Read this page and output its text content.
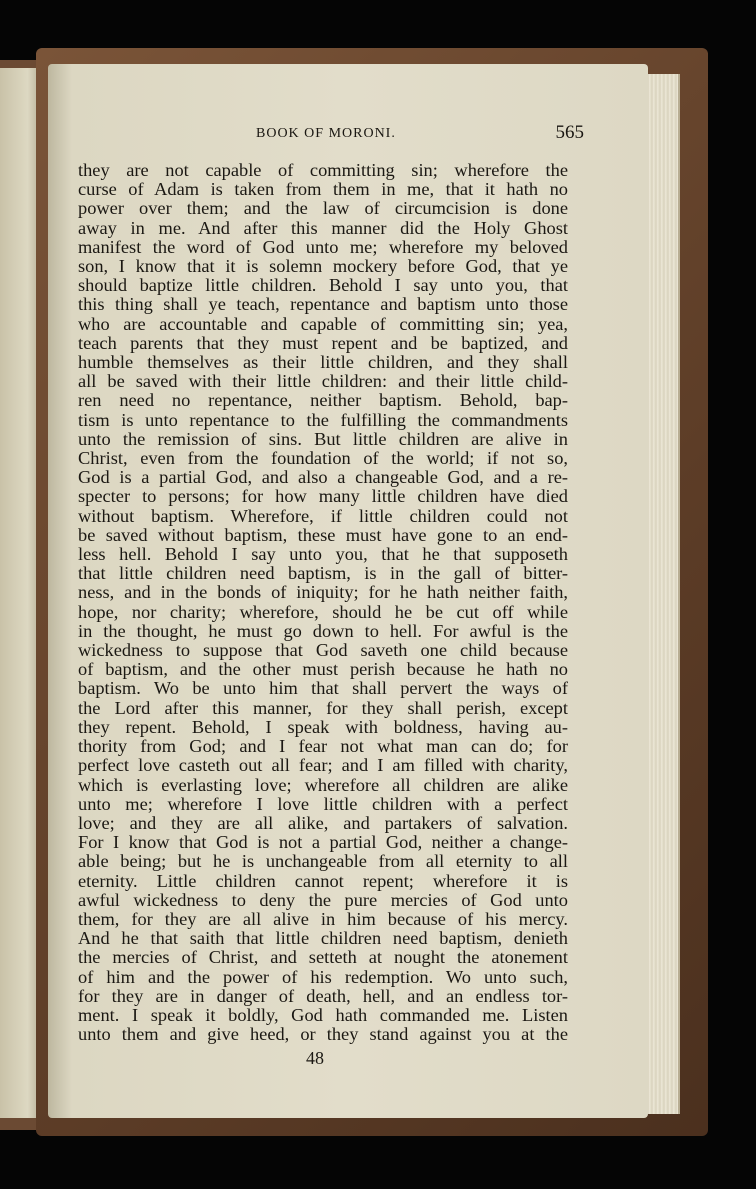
BOOK OF MORONI.	565
they are not capable of committing sin; wherefore the
curse of Adam is taken from them in me, that it hath no
power over them; and the law of circumcision is done
away in me. And after this manner did the Holy Ghost
manifest the word of God unto me; wherefore my beloved
son, I know that it is solemn mockery before God, that ye
should baptize little children. Behold I say unto you, that
this thing shall ye teach, repentance and baptism unto those
who are accountable and capable of committing sin; yea,
teach parents that they must repent and be baptized, and
humble themselves as their little children, and they shall
all be saved with their little children: and their little child-
ren need no repentance, neither baptism. Behold, bap-
tism is unto repentance to the fulfilling the commandments
unto the remission of sins. But little children are alive in
Christ, even from the foundation of the world; if not so,
God is a partial God, and also a changeable God, and a re-
specter to persons; for how many little children have died
without baptism. Wherefore, if little children could not
be saved without baptism, these must have gone to an end-
less hell. Behold I say unto you, that he that supposeth
that little children need baptism, is in the gall of bitter-
ness, and in the bonds of iniquity; for he hath neither faith,
hope, nor charity; wherefore, should he be cut off while
in the thought, he must go down to hell. For awful is the
wickedness to suppose that God saveth one child because
of baptism, and the other must perish because he hath no
baptism. Wo be unto him that shall pervert the ways of
the Lord after this manner, for they shall perish, except
they repent. Behold, I speak with boldness, having au-
thority from God; and I fear not what man can do; for
perfect love casteth out all fear; and I am filled with charity,
which is everlasting love; wherefore all children are alike
unto me; wherefore I love little children with a perfect
love; and they are all alike, and partakers of salvation.
For I know that God is not a partial God, neither a change-
able being; but he is unchangeable from all eternity to all
eternity. Little children cannot repent; wherefore it is
awful wickedness to deny the pure mercies of God unto
them, for they are all alive in him because of his mercy.
And he that saith that little children need baptism, denieth
the mercies of Christ, and setteth at nought the atonement
of him and the power of his redemption. Wo unto such,
for they are in danger of death, hell, and an endless tor-
ment. I speak it boldly, God hath commanded me. Listen
unto them and give heed, or they stand against you at the
48
